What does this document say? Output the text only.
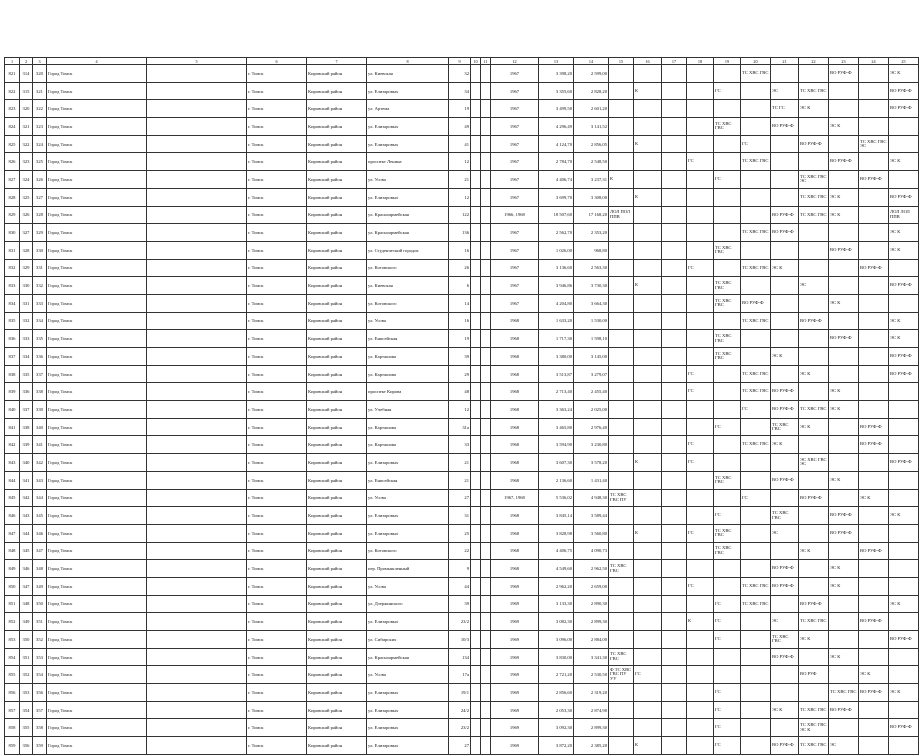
1	2	3	4	5	6	7	8	9	10	11	12	13	14	15	16	17	18	19	20	21	22	23	24	25
821	314	320	Город Томск		г. Томск	Кировский район	ул. Киевская	32			1967	3 398,20	2 599,00						ТС ХВС ГВС			ВО РУФ-Ф		ЭС К
822	315	321	Город Томск		г. Томск	Кировский район	ул. Елизаровых	34			1967	3 355,60	2 828,20		К			ГС		ЭС	ТС ХВС ГВС			ВО РУФ-Ф
823	320	322	Город Томск		г. Томск	Кировский район	ул. Артема	19			1967	3 499,50	2 601,20							ТС ГС	ЭС К			ВО РУФ-Ф
824	321	323	Город Томск		г. Томск	Кировский район	ул. Елизаровых	49			1967	4 296,49	3 141,52					ТС ХВС ГВС		ВО РУФ-Ф		ЭС К		
825	322	324	Город Томск		г. Томск	Кировский район	ул. Елизаровых	41			1967	4 124,70	2 856,05		К				ГС		ВО РУФ-Ф		ТС ХВС ГВС ЭС	
826	323	325	Город Томск		г. Томск	Кировский район	проспект Ленина	12			1967	2 784,70	2 548,50				ГС		ТС ХВС ГВС			ВО РУФ-Ф		ЭС К
827	324	326	Город Томск		г. Томск	Кировский район	ул. Усова	21			1967	4 406,74	3 237,31	К				ГС			ТС ХВС ГВС ЭС		ВО РУФ-Ф	
828	325	327	Город Томск		г. Томск	Кировский район	ул. Елизаровых	12			1967	3 699,70	3 308,00		К						ТС ХВС ГВС	ЭС К		ВО РУФ-Ф
829	326	328	Город Томск		г. Томск	Кировский район	ул. Красноармейская	122			1966, 1968	18 507,60	17 168,20	ЛОЛ ПОЛ ППВ						ВО РУФ-Ф	ТС ХВС ГВС	ЭС К		ЛОЛ ЛОЛ ППВ
830	327	329	Город Томск		г. Томск	Кировский район	ул. Красноармейская	136			1967	2 562,70	2 353,20						ТС ХВС ГВС	ВО РУФ-Ф				ЭС К
831	328	330	Город Томск		г. Томск	Кировский район	ул. Студенческий городок	16			1967	1 026,00	968,80					ТС ХВС ГВС				ВО РУФ-Ф		ЭС К
832	329	331	Город Томск		г. Томск	Кировский район	ул. Котовского	26			1967	3 136,60	2 563,30				ГС		ТС ХВС ГВС	ЭС К			ВО РУФ-Ф	
833	330	332	Город Томск		г. Томск	Кировский район	ул. Киевская	6			1967	3 946,86	3 730,30		К			ТС ХВС ГВС			ЭС			ВО РУФ-Ф
834	331	333	Город Томск		г. Томск	Кировский район	ул. Котовского	14			1967	4 204,80	3 664,30					ТС ХВС ГВС	ВО РУФ-Ф			ЭС К		
835	332	334	Город Томск		г. Томск	Кировский район	ул. Усова	16			1968	1 633,20	1 530,00						ТС ХВС ГВС		ВО РУФ-Ф			ЭС К
836	333	335	Город Томск		г. Томск	Кировский район	ул. Енисейская	19			1968	1 717,30	1 598,10					ТС ХВС ГВС				ВО РУФ-Ф		ЭС К
837	334	336	Город Томск		г. Томск	Кировский район	ул. Карташова	39			1968	3 380,00	3 145,00					ТС ХВС ГВС		ЭС К				ВО РУФ-Ф
838	335	337	Город Томск		г. Томск	Кировский район	ул. Карташова	29			1968	3 513,87	3 279,07				ГС		ТС ХВС ГВС		ЭС К			ВО РУФ-Ф
839	336	338	Город Томск		г. Томск	Кировский район	проспект Кирова	48			1968	2 713,40	2 455,40				ГС		ТС ХВС ГВС	ВО РУФ-Ф		ЭС К		
840	337	339	Город Томск		г. Томск	Кировский район	ул. Учебная	12			1968	3 363,24	2 025,00						ГС	ВО РУФ-Ф	ТС ХВС ГВС	ЭС К		
841	338	340	Город Томск		г. Томск	Кировский район	ул. Карташова	31а			1968	3 465,80	2 976,40					ГС		ТС ХВС ГВС	ЭС К		ВО РУФ-Ф	
842	339	341	Город Томск		г. Томск	Кировский район	ул. Карташова	33			1968	3 594,90	3 230,80				ГС		ТС ХВС ГВС	ЭС К			ВО РУФ-Ф	
843	340	342	Город Томск		г. Томск	Кировский район	ул. Елизаровых	21			1968	3 607,30	3 578,20		К		ГС				ЭС ХВС ГВС ЭС			ВО РУФ-Ф
844	341	343	Город Томск		г. Томск	Кировский район	ул. Енисейская	21			1968	2 136,60	1 431,40					ТС ХВС ГВС		ВО РУФ-Ф		ЭС К		
845	342	344	Город Томск		г. Томск	Кировский район	ул. Усова	27			1967, 1968	5 536,02	4 948,30	ТС ХВС ГВС ПУ					ГС		ВО РУФ-Ф		ЭС К	
846	343	345	Город Томск		г. Томск	Кировский район	ул. Елизаровых	31			1968	3 845,14	3 589,44					ГС		ТС ХВС ГВС		ВО РУФ-Ф		ЭС К
847	344	346	Город Томск		г. Томск	Кировский район	ул. Елизаровых	25			1968	3 828,98	3 560,80		К		ГС	ТС ХВС ГВС		ЭС		ВО РУФ-Ф		
848	345	347	Город Томск		г. Томск	Кировский район	ул. Котовского	22			1968	4 406,75	4 090,73					ТС ХВС ГВС			ЭС К		ВО РУФ-Ф	
849	346	348	Город Томск		г. Томск	Кировский район	пер. Промышленный	9			1968	4 549,60	2 962,50	ТС ХВС ГВС						ВО РУФ-Ф		ЭС К		
850	347	349	Город Томск		г. Томск	Кировский район	ул. Усова	44			1969	2 962,20	2 659,00				ГС		ТС ХВС ГВС	ВО РУФ-Ф		ЭС К		
851	348	350	Город Томск		г. Томск	Кировский район	ул. Дзержинского	39			1969	3 133,30	2 890,30					ГС	ТС ХВС ГВС		ВО РУФ-Ф			ЭС К
852	349	351	Город Томск		г. Томск	Кировский район	ул. Елизаровых	23/2			1969	3 082,30	2 899,30				К	ГС		ЭС	ТС ХВС ГВС		ВО РУФ-Ф	
853	350	352	Город Томск		г. Томск	Кировский район	ул. Сибирских	10/3			1969	3 096,00	2 884,00					ГС		ТС ХВС ГВС	ЭС К			ВО РУФ-Ф
854	351	353	Город Томск		г. Томск	Кировский район	ул. Красноармейская	134			1969	3 830,00	3 341,30	ТС ХВС ГВС						ВО РУФ-Ф		ЭС К		
855	352	354	Город Томск		г. Томск	Кировский район	ул. Усова	17а			1969	2 721,20	2 530,50	Ф ТС ХВС ГВС ПУ УУ	ГС						ВО РУФ		ЭС К	
856	353	356	Город Томск		г. Томск	Кировский район	ул. Елизаровых	19/1			1969	2 856,60	2 319,20					ГС				ТС ХВС ГВС	ВО РУФ-Ф	ЭС К
857	354	357	Город Томск		г. Томск	Кировский район	ул. Елизаровых	24/2			1969	2 053,30	2 874,90					ГС		ЭС К	ТС ХВС ГВС	ВО РУФ-Ф		
858	355	358	Город Томск		г. Томск	Кировский район	ул. Елизаровых	23/2			1969	3 092,30	2 899,30					ГС			ТС ХВС ГВС ЭС К			ВО РУФ-Ф
859	356	359	Город Томск		г. Томск	Кировский район	ул. Елизаровых	27			1969	3 872,20	2 385,20		К			ГС		ВО РУФ-Ф	ТС ХВС ГВС	ЭС		
